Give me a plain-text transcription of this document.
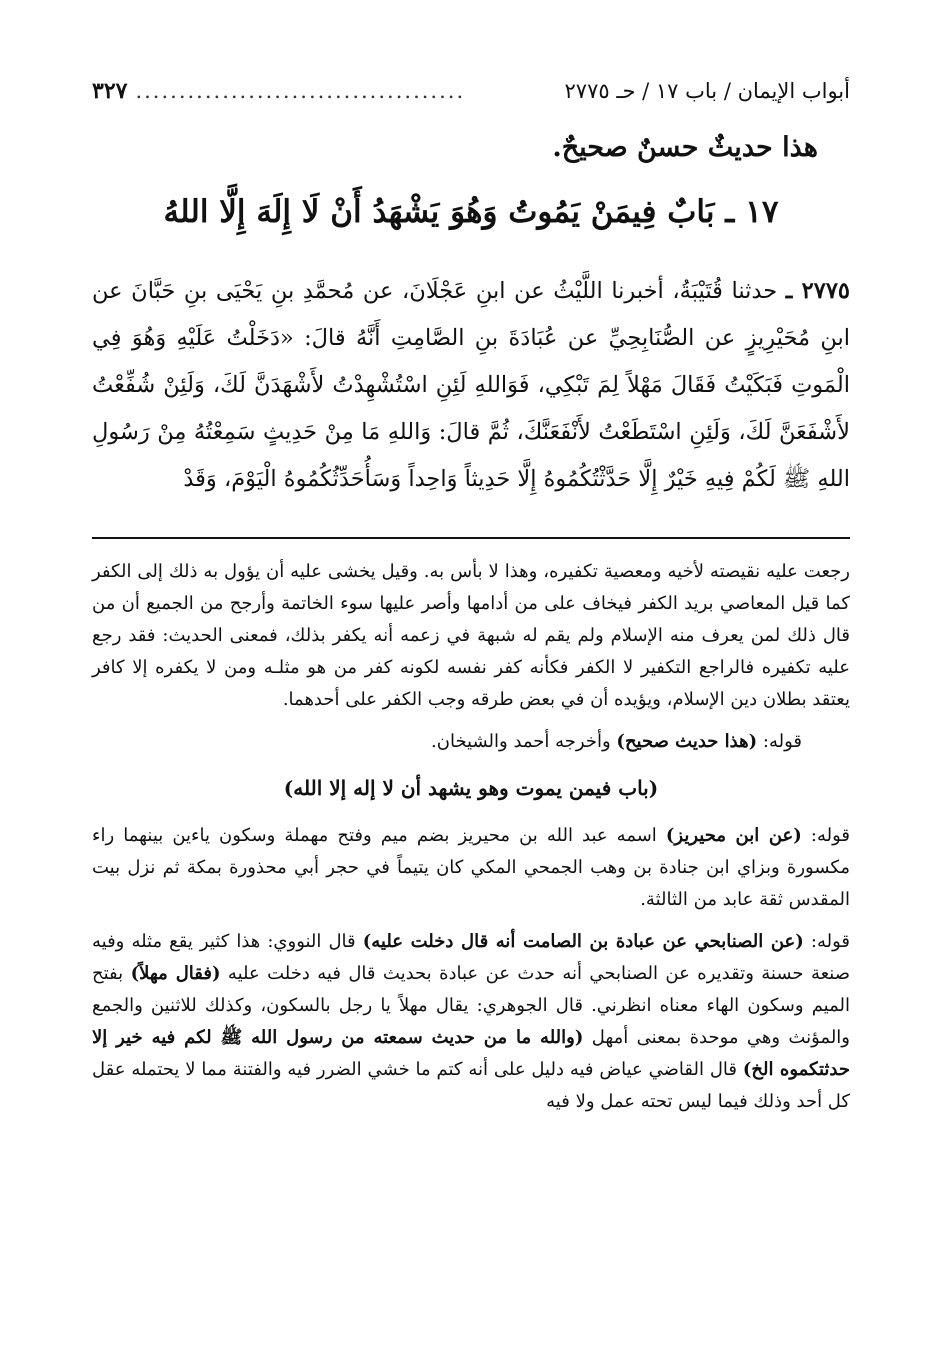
أبواب الإيمان / باب ١٧ / حـ ٢٧٧٥
......................................
٣٢٧
هذا حديثٌ حسنٌ صحيحٌ.
١٧ ـ بَابٌ فِيمَنْ يَمُوتُ وَهُوَ يَشْهَدُ أَنْ لَا إِلَهَ إِلَّا اللهُ
٢٧٧٥ ـ حدثنا قُتَيْبَةُ، أخبرنا اللَّيْثُ عن ابنِ عَجْلَانَ، عن مُحمَّدِ بنِ يَحْيَى بنِ حَبَّانَ عن ابنِ مُحَيْرِيزٍ عن الصُّنَابِحِيِّ عن عُبَادَةَ بنِ الصَّامِتِ أَنَّهُ قالَ: «دَخَلْتُ عَلَيْهِ وَهُوَ فِي الْمَوتِ فَبَكَيْتُ فَقَالَ مَهْلاً لِمَ تَبْكِي، فَوَاللهِ لَئِنِ اسْتُشْهِدْتُ لأَشْهَدَنَّ لَكَ، وَلَئِنْ شُفِّعْتُ لأَشْفَعَنَّ لَكَ، وَلَئِنِ اسْتَطَعْتُ لأَنْفَعَنَّكَ، ثُمَّ قالَ: وَاللهِ مَا مِنْ حَدِيثٍ سَمِعْتُهُ مِنْ رَسُولِ اللهِ ﷺ لَكُمْ فِيهِ خَيْرٌ إِلَّا حَدَّثْتُكُمُوهُ إِلَّا حَدِيثاً وَاحِداً وَسَأُحَدِّثُكُمُوهُ الْيَوْمَ، وَقَدْ

رجعت عليه نقيصته لأخيه ومعصية تكفيره، وهذا لا بأس به. وقيل يخشى عليه أن يؤول به ذلك إلى الكفر كما قيل المعاصي بريد الكفر فيخاف على من أدامها وأصر عليها سوء الخاتمة وأرجح من الجميع أن من قال ذلك لمن يعرف منه الإسلام ولم يقم له شبهة في زعمه أنه يكفر بذلك، فمعنى الحديث: فقد رجع عليه تكفيره فالراجع التكفير لا الكفر فكأنه كفر نفسه لكونه كفر من هو مثلـه ومن لا يكفره إلا كافر يعتقد بطلان دين الإسلام، ويؤيده أن في بعض طرقه وجب الكفر على أحدهما.

قوله: (هذا حديث صحيح) وأخرجه أحمد والشيخان.

(باب فيمن يموت وهو يشهد أن لا إله إلا الله)

قوله: (عن ابن محيريز) اسمه عبد الله بن محيريز بضم ميم وفتح مهملة وسكون ياءين بينهما راء مكسورة وبزاي ابن جنادة بن وهب الجمحي المكي كان يتيماً في حجر أبي محذورة بمكة ثم نزل بيت المقدس ثقة عابد من الثالثة.

قوله: (عن الصنابحي عن عبادة بن الصامت أنه قال دخلت عليه) قال النووي: هذا كثير يقع مثله وفيه صنعة حسنة وتقديره عن الصنابحي أنه حدث عن عبادة بحديث قال فيه دخلت عليه (فقال مهلاً) بفتح الميم وسكون الهاء معناه انظرني. قال الجوهري: يقال مهلاً يا رجل بالسكون، وكذلك للاثنين والجمع والمؤنث وهي موحدة بمعنى أمهل (والله ما من حديث سمعته من رسول الله ﷺ لكم فيه خير إلا حدثتكموه الخ) قال القاضي عياض فيه دليل على أنه كتم ما خشي الضرر فيه والفتنة مما لا يحتمله عقل كل أحد وذلك فيما ليس تحته عمل ولا فيه
